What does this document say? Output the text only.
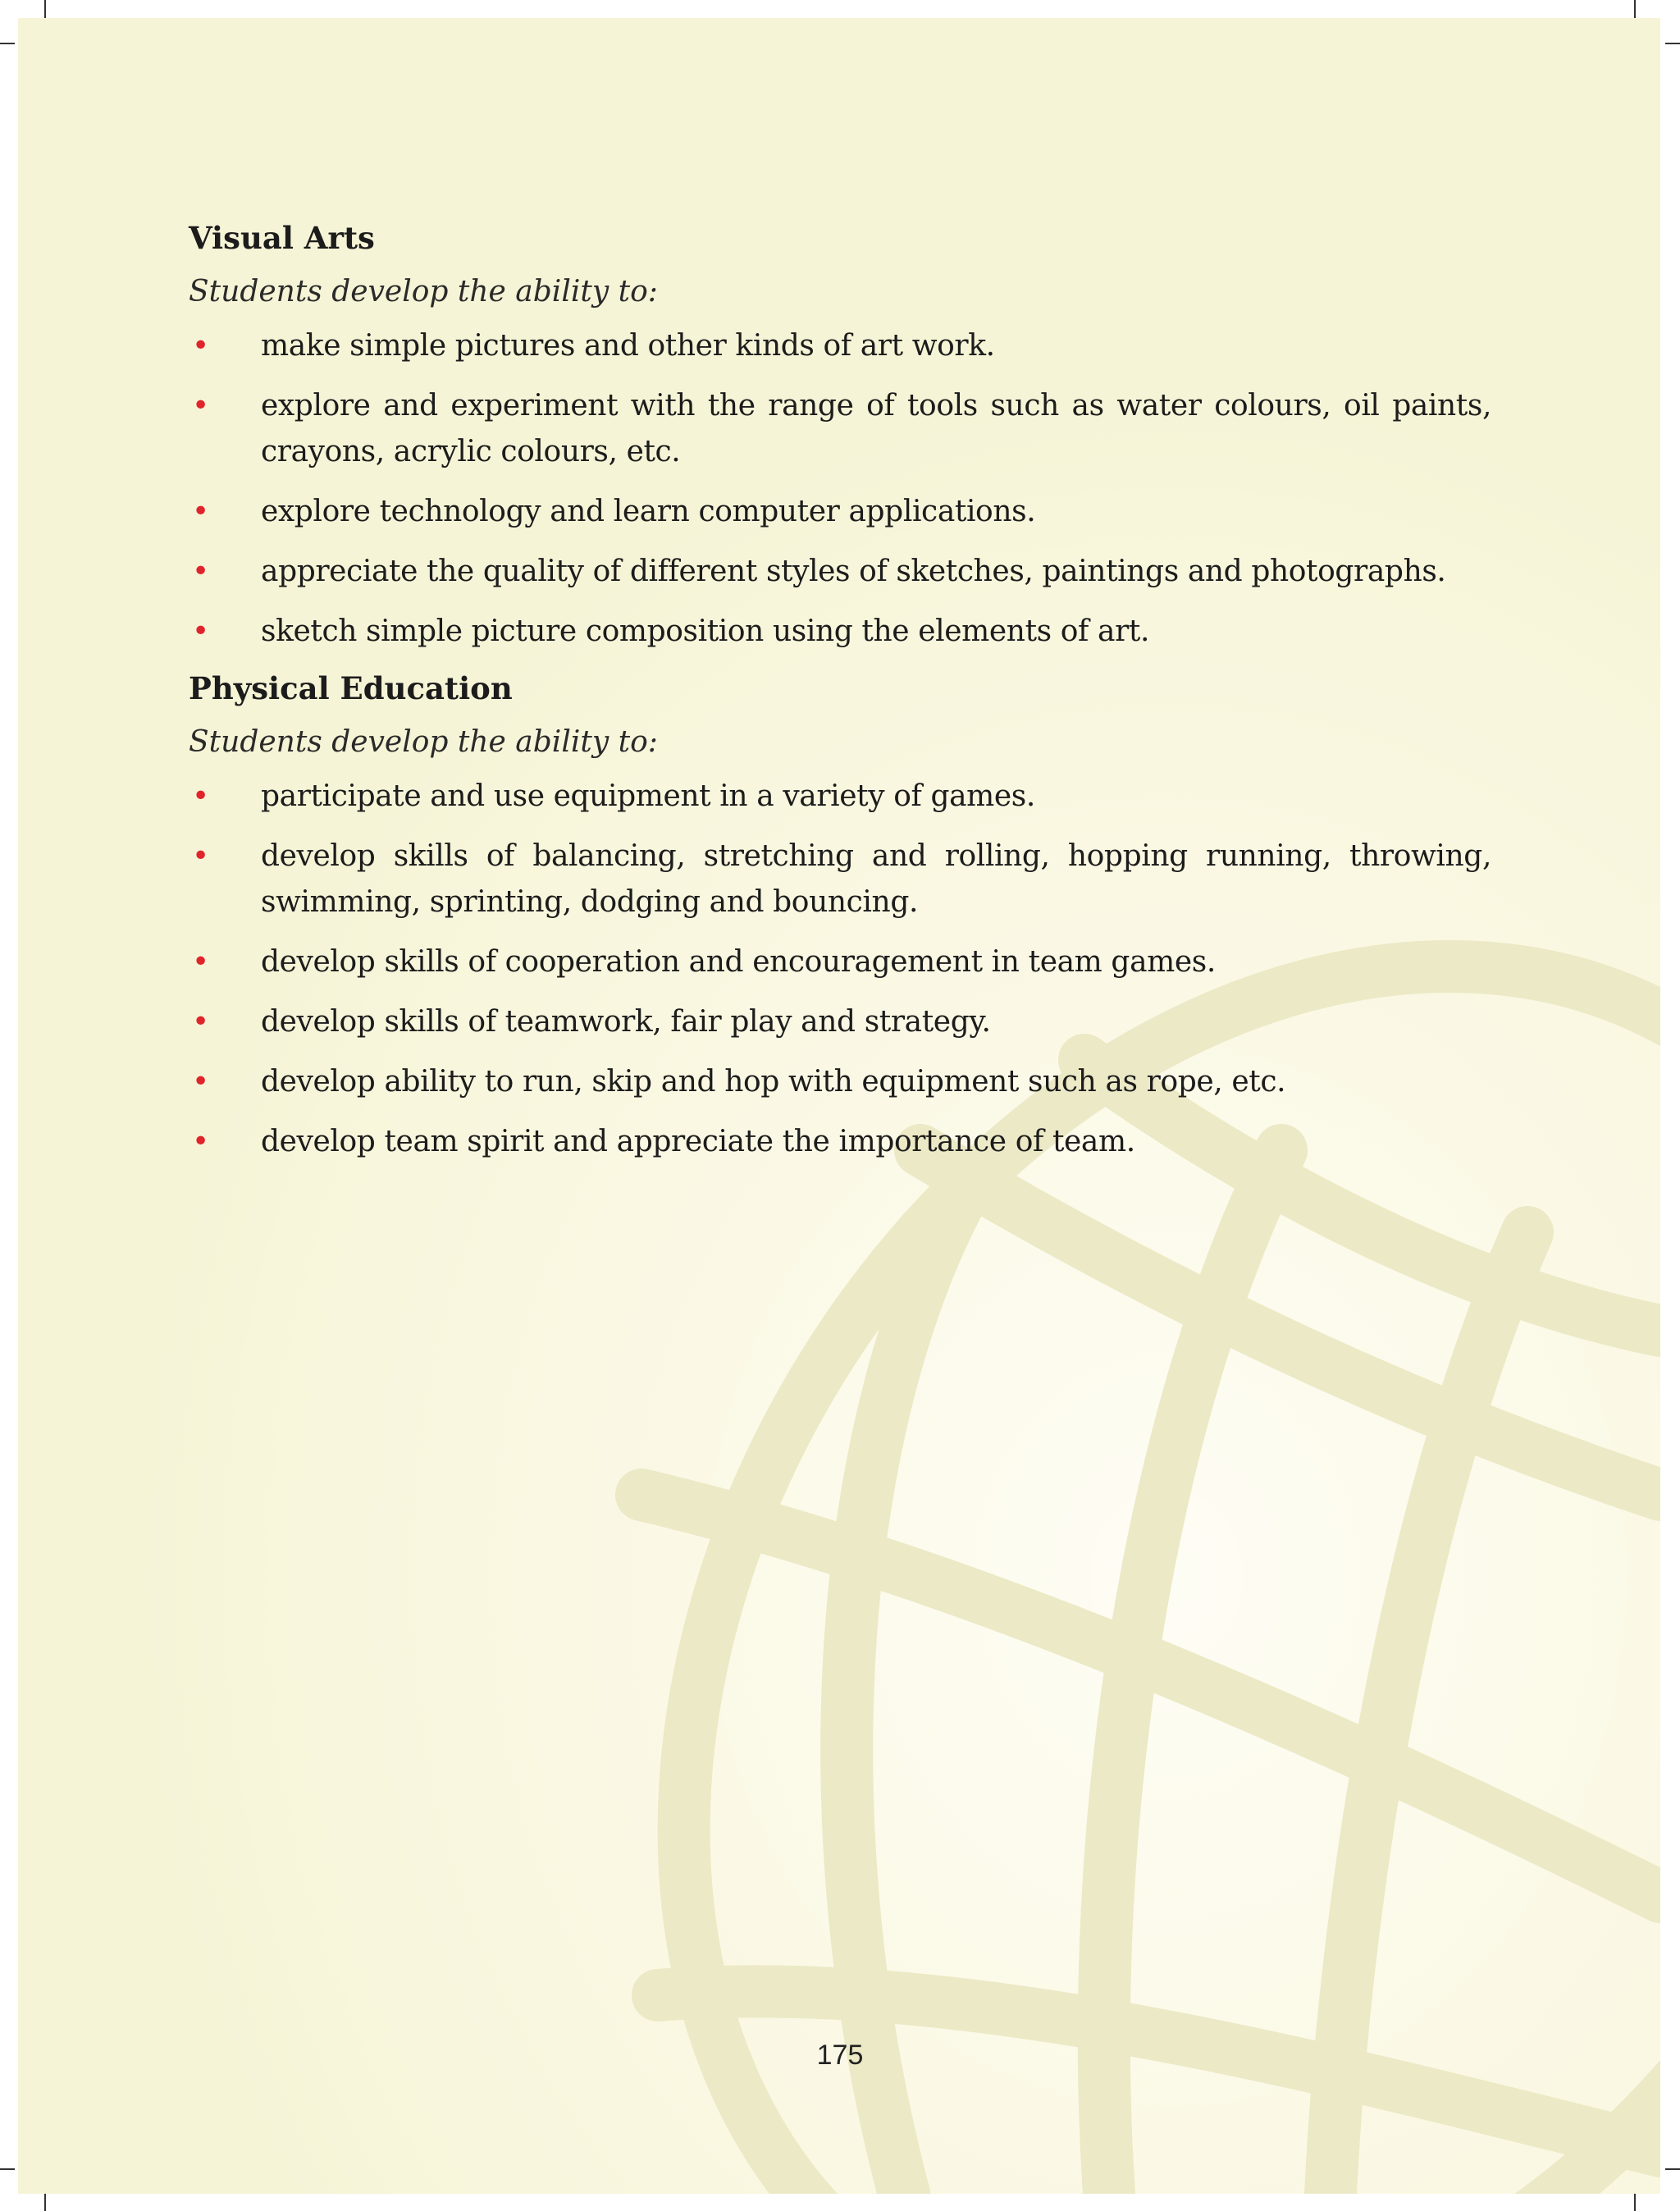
Visual Arts

Students develop the ability to:

• make simple pictures and other kinds of art work.
• explore and experiment with the range of tools such as water colours, oil paints, crayons, acrylic colours, etc.
• explore technology and learn computer applications.
• appreciate the quality of different styles of sketches, paintings and photographs.
• sketch simple picture composition using the elements of art.
Physical Education

Students develop the ability to:

• participate and use equipment in a variety of games.
• develop skills of balancing, stretching and rolling, hopping running, throwing, swimming, sprinting, dodging and bouncing.
• develop skills of cooperation and encouragement in team games.
• develop skills of teamwork, fair play and strategy.
• develop ability to run, skip and hop with equipment such as rope, etc.
• develop team spirit and appreciate the importance of team.
175
